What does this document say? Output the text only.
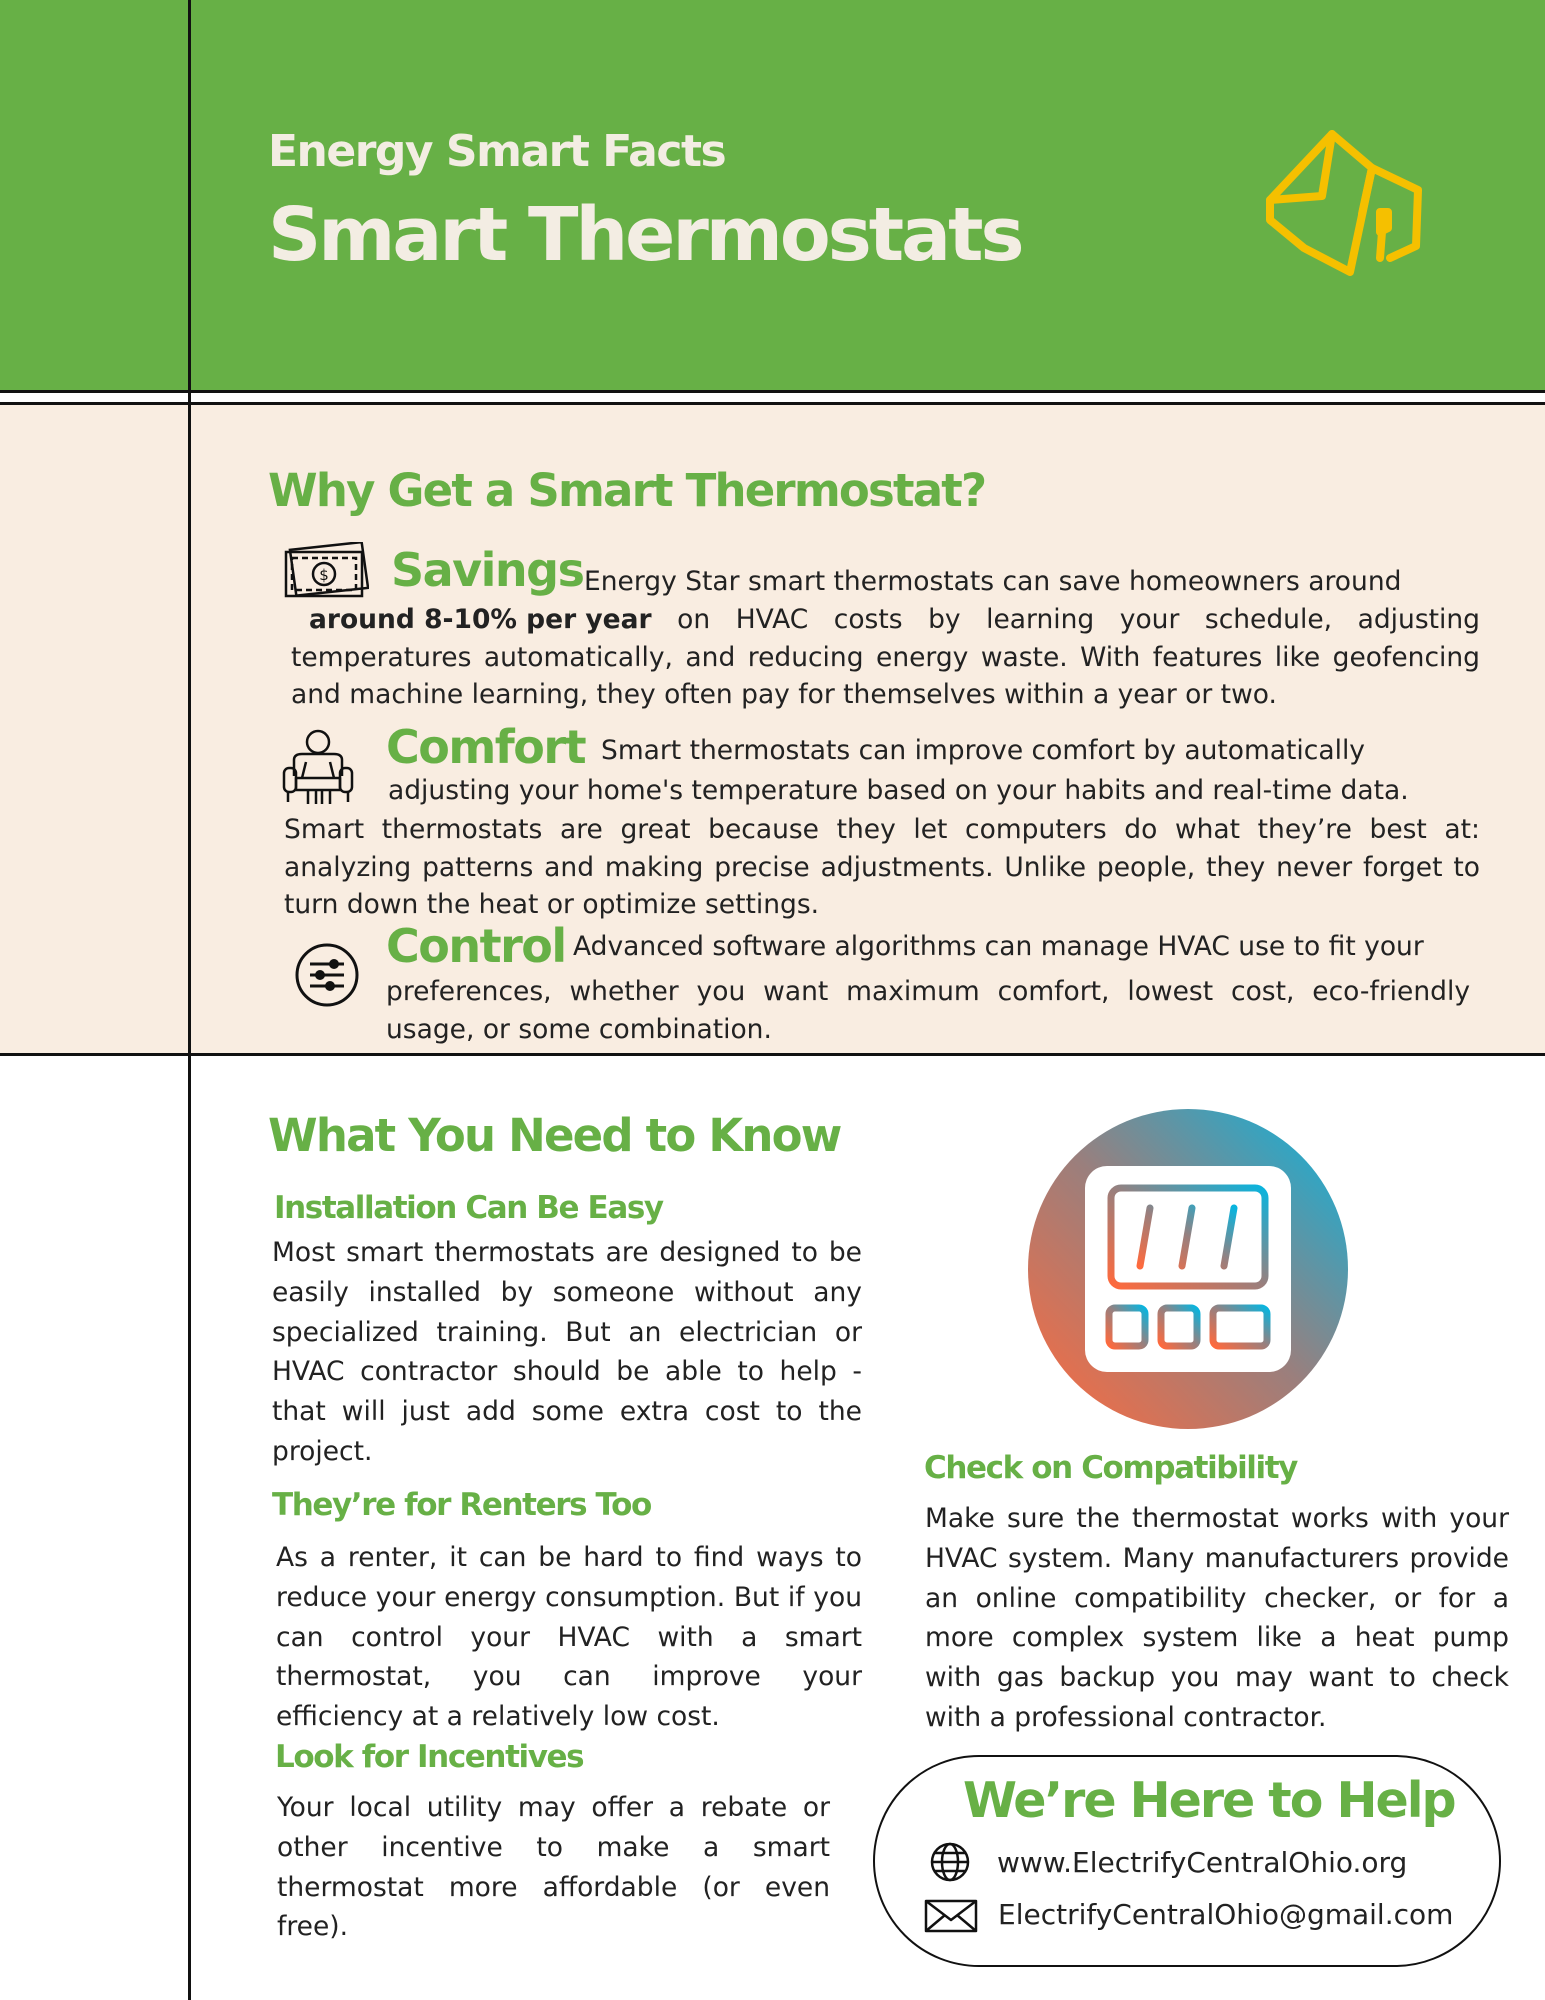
Energy Smart Facts
Smart Thermostats
Why Get a Smart Thermostat?
$ Savings Energy Star smart thermostats can save homeowners around
around 8-10% per year on HVAC costs by learning your schedule, adjusting temperatures automatically, and reducing energy waste. With features like geofencing and machine learning, they often pay for themselves within a year or two.
Comfort Smart thermostats can improve comfort by automatically
adjusting your home's temperature based on your habits and real-time data.
Smart thermostats are great because they let computers do what they’re best at: analyzing patterns and making precise adjustments. Unlike people, they never forget to turn down the heat or optimize settings.
Control Advanced software algorithms can manage HVAC use to fit your
preferences, whether you want maximum comfort, lowest cost, eco-friendly usage, or some combination.
What You Need to Know
Installation Can Be Easy
Most smart thermostats are designed to be easily installed by someone without any specialized training. But an electrician or HVAC contractor should be able to help - that will just add some extra cost to the project.
They’re for Renters Too
As a renter, it can be hard to find ways to reduce your energy consumption. But if you can control your HVAC with a smart thermostat, you can improve your efficiency at a relatively low cost.
Look for Incentives
Your local utility may offer a rebate or other incentive to make a smart thermostat more affordable (or even free).
Check on Compatibility
Make sure the thermostat works with your HVAC system. Many manufacturers provide an online compatibility checker, or for a more complex system like a heat pump with gas backup you may want to check with a professional contractor.
We’re Here to Help
www.ElectrifyCentralOhio.org
ElectrifyCentralOhio@gmail.com
